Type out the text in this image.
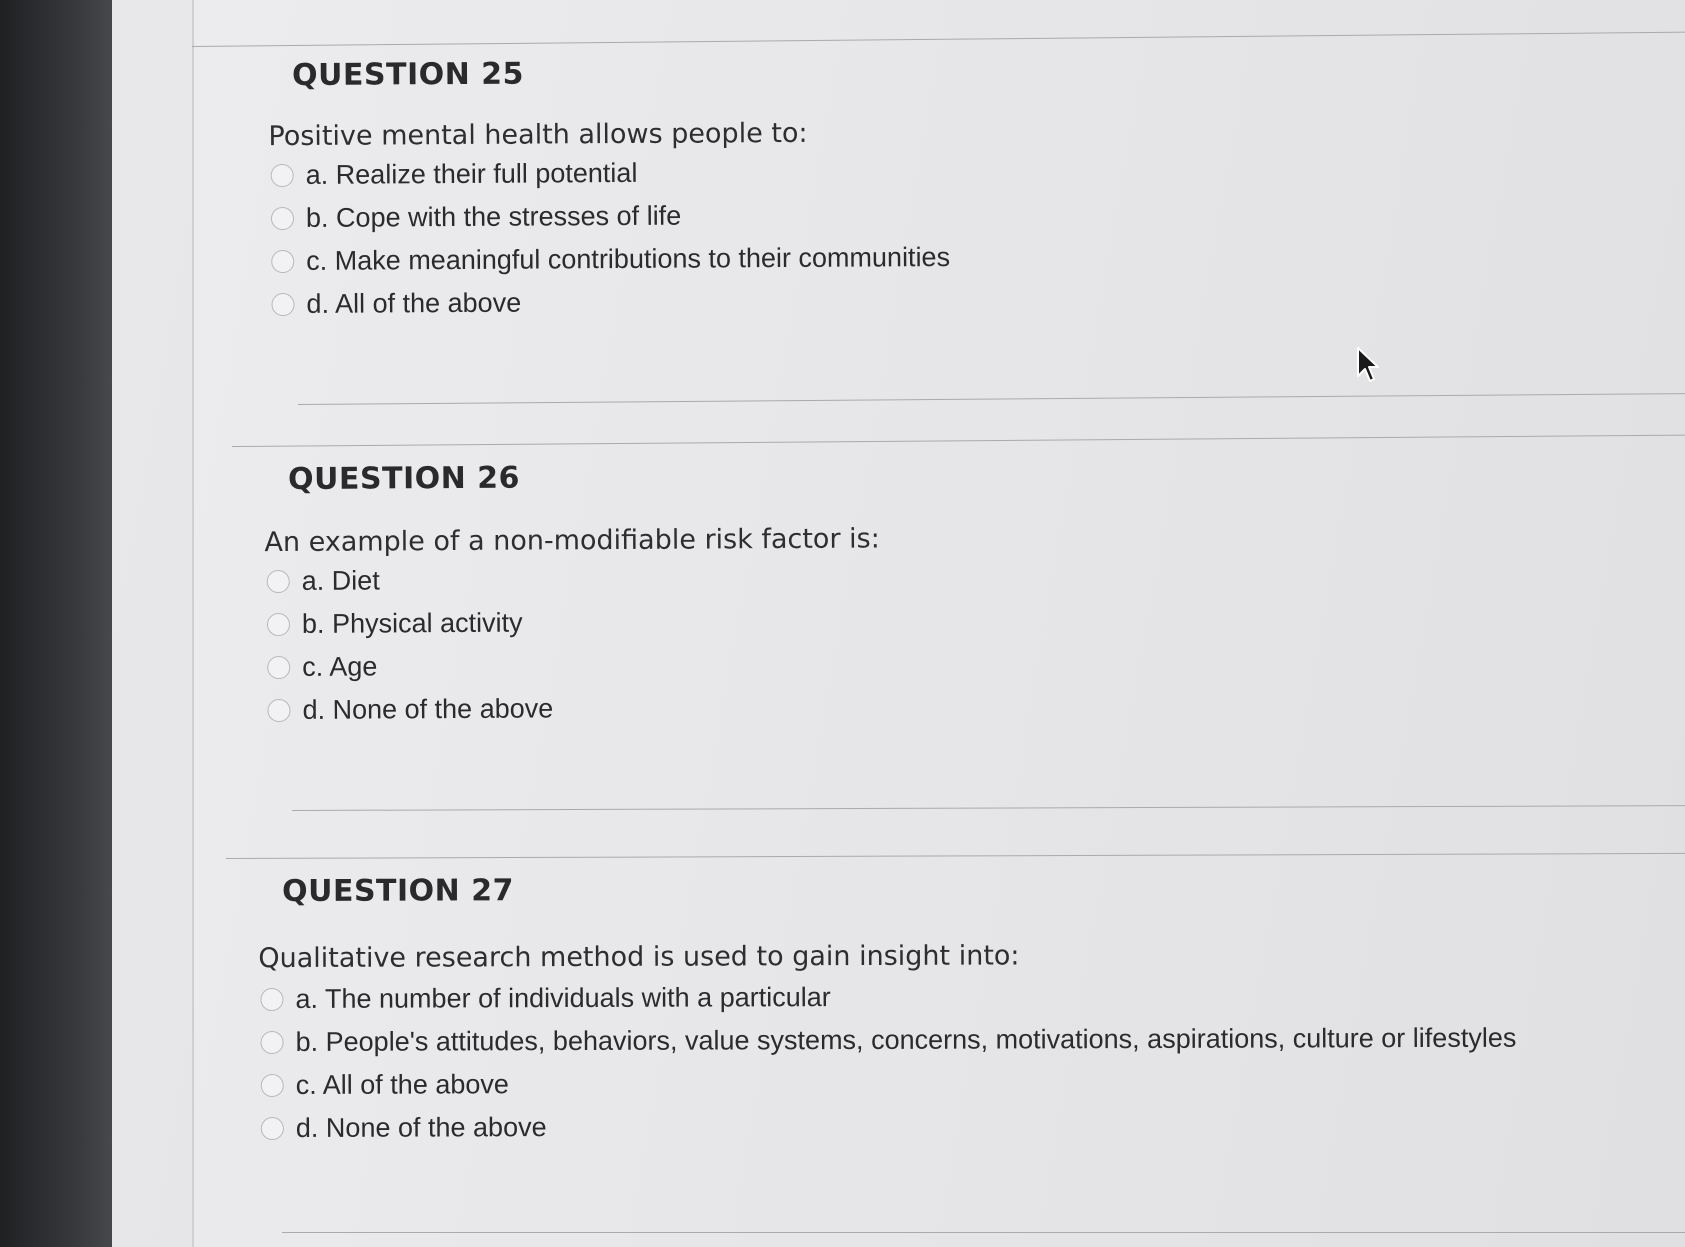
QUESTION 25

Positive mental health allows people to:

a. Realize their full potential
b. Cope with the stresses of life
c. Make meaningful contributions to their communities
d. All of the above
QUESTION 26

An example of a non-modifiable risk factor is:

a. Diet
b. Physical activity
c. Age
d. None of the above
QUESTION 27

Qualitative research method is used to gain insight into:

a. The number of individuals with a particular
b. People's attitudes, behaviors, value systems, concerns, motivations, aspirations, culture or lifestyles
c. All of the above
d. None of the above
